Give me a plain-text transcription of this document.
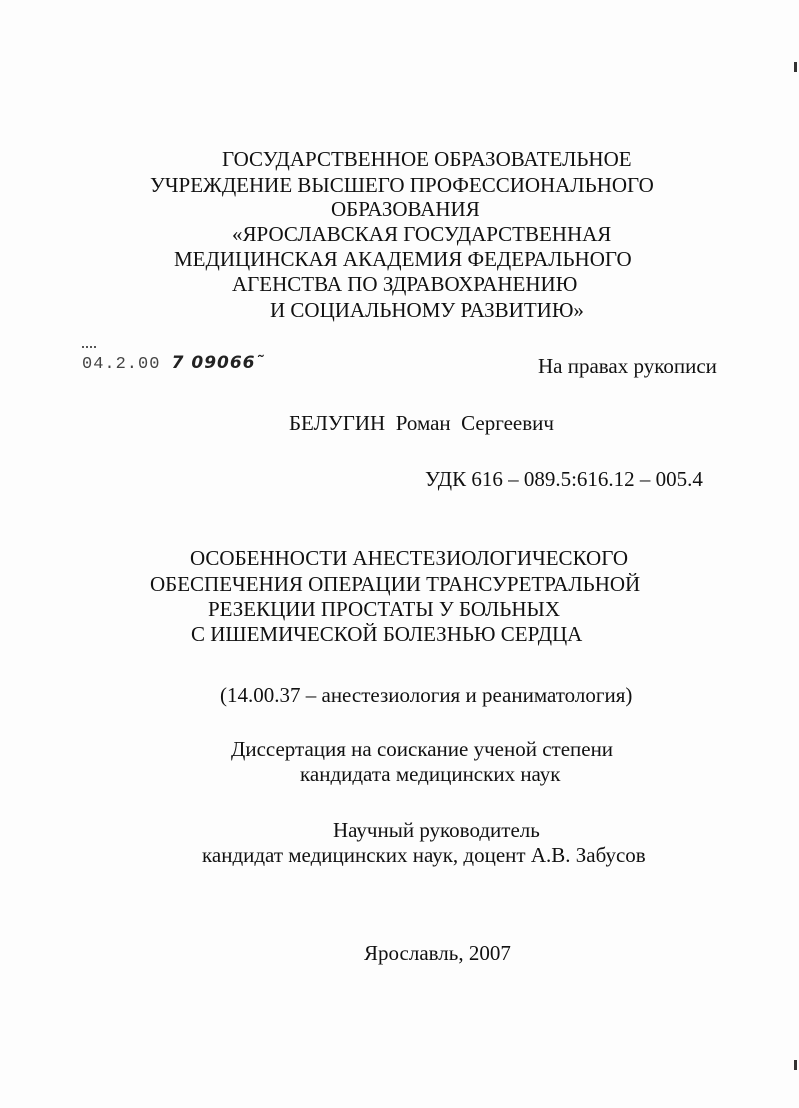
ГОСУДАРСТВЕННОЕ ОБРАЗОВАТЕЛЬНОЕ
УЧРЕЖДЕНИЕ ВЫСШЕГО ПРОФЕССИОНАЛЬНОГО
ОБРАЗОВАНИЯ
«ЯРОСЛАВСКАЯ ГОСУДАРСТВЕННАЯ
МЕДИЦИНСКАЯ АКАДЕМИЯ ФЕДЕРАЛЬНОГО
АГЕНСТВА ПО ЗДРАВОХРАНЕНИЮ
И СОЦИАЛЬНОМУ РАЗВИТИЮ»
04.2.00 7 09066˜	На правах рукописи
БЕЛУГИН  Роман  Сергеевич
УДК 616 – 089.5:616.12 – 005.4
ОСОБЕННОСТИ АНЕСТЕЗИОЛОГИЧЕСКОГО
ОБЕСПЕЧЕНИЯ ОПЕРАЦИИ ТРАНСУРЕТРАЛЬНОЙ
РЕЗЕКЦИИ ПРОСТАТЫ У БОЛЬНЫХ
С ИШЕМИЧЕСКОЙ БОЛЕЗНЬЮ СЕРДЦА
(14.00.37 – анестезиология и реаниматология)
Диссертация на соискание ученой степени
кандидата медицинских наук
Научный руководитель
кандидат медицинских наук, доцент А.В. Забусов
Ярославль, 2007
